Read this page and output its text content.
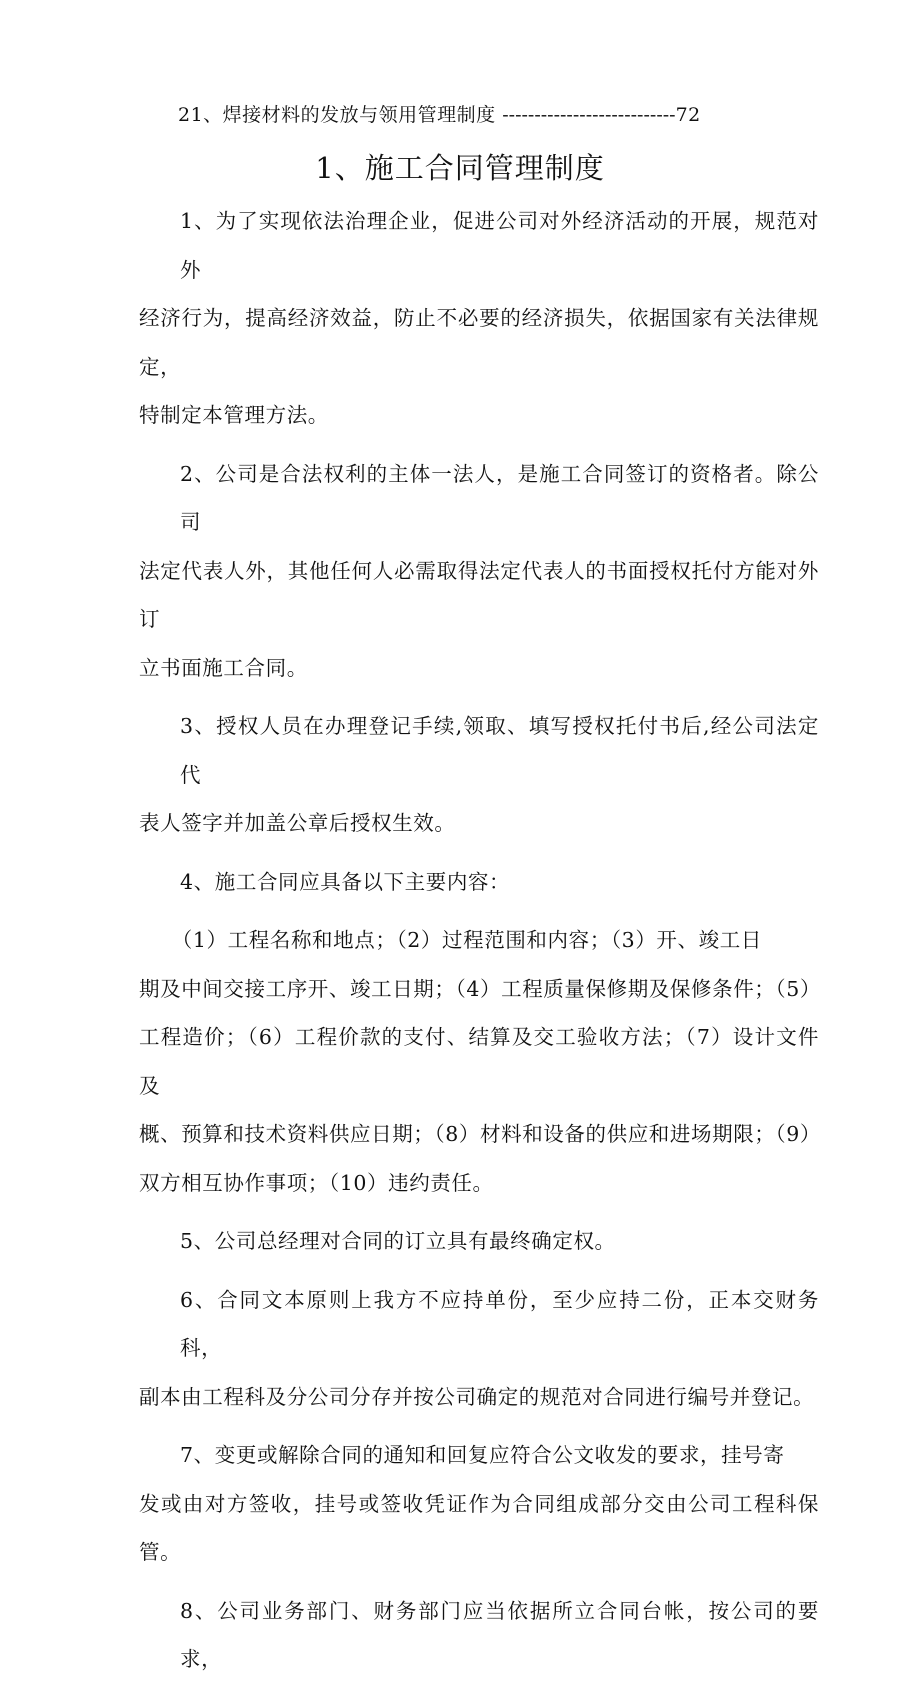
21、焊接材料的发放与领用管理制度 ---------------------------72
1、施工合同管理制度
1、为了实现依法治理企业，促进公司对外经济活动的开展，规范对外
经济行为，提高经济效益，防止不必要的经济损失，依据国家有关法律规定，
特制定本管理方法。
2、公司是合法权利的主体一法人，是施工合同签订的资格者。除公司
法定代表人外，其他任何人必需取得法定代表人的书面授权托付方能对外订
立书面施工合同。
3、授权人员在办理登记手续,领取、填写授权托付书后,经公司法定代
表人签字并加盖公章后授权生效。
4、施工合同应具备以下主要内容：
（1）工程名称和地点；（2）过程范围和内容；（3）开、竣工日
期及中间交接工序开、竣工日期；（4）工程质量保修期及保修条件；（5）
工程造价；（6）工程价款的支付、结算及交工验收方法；（7）设计文件及
概、预算和技术资料供应日期；（8）材料和设备的供应和进场期限；（9）
双方相互协作事项；（10）违约责任。
5、公司总经理对合同的订立具有最终确定权。
6、合同文本原则上我方不应持单份，至少应持二份，正本交财务科，
副本由工程科及分公司分存并按公司确定的规范对合同进行编号并登记。
7、变更或解除合同的通知和回复应符合公文收发的要求，挂号寄
发或由对方签收，挂号或签收凭证作为合同组成部分交由公司工程科保管。
8、公司业务部门、财务部门应当依据所立合同台帐，按公司的要求，
